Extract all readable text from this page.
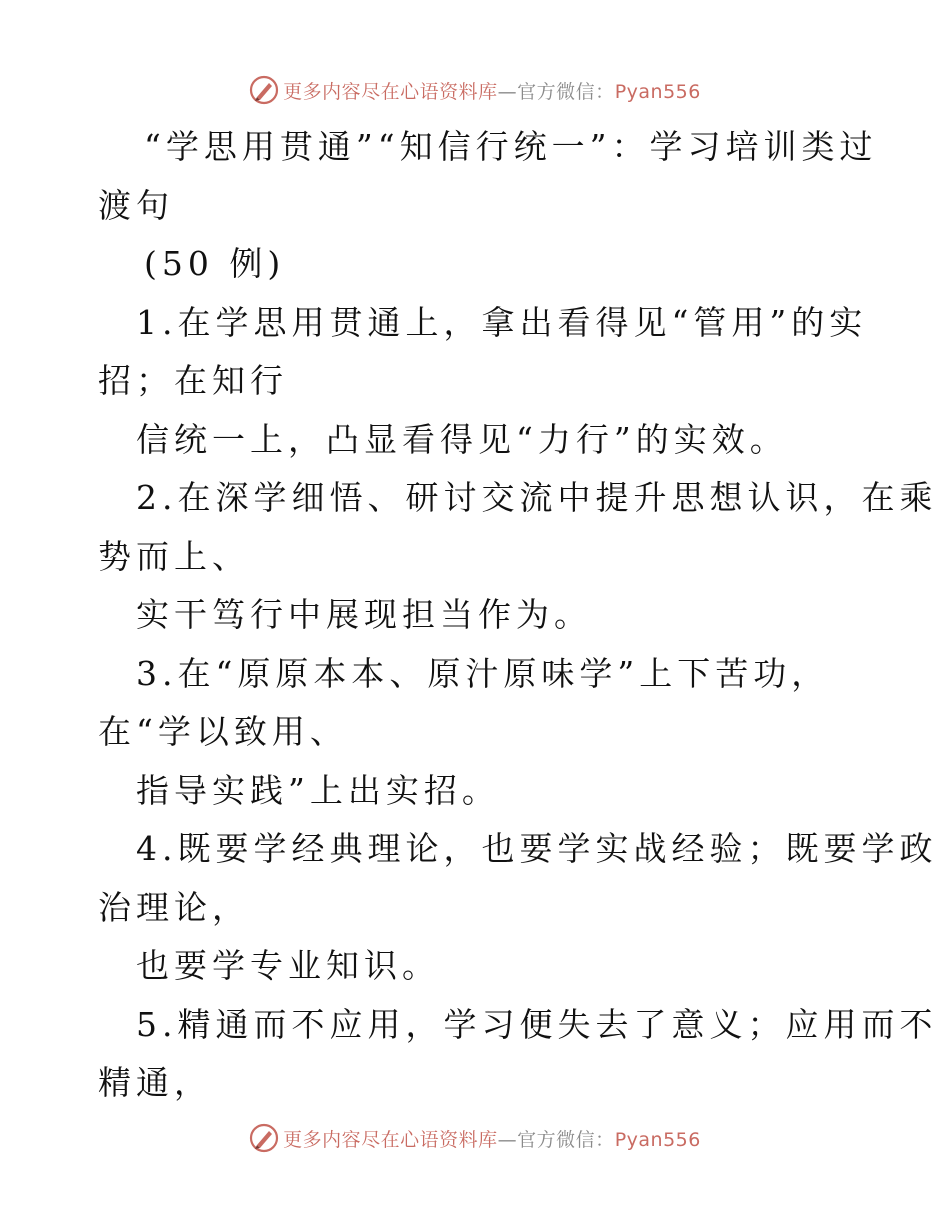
更多内容尽在心语资料库—官方微信：Pyan556
“学思用贯通”“知信行统一”：学习培训类过
渡句
(50 例)
1.在学思用贯通上，拿出看得见“管用”的实
招；在知行
信统一上，凸显看得见“力行”的实效。
2.在深学细悟、研讨交流中提升思想认识，在乘
势而上、
实干笃行中展现担当作为。
3.在“原原本本、原汁原味学”上下苦功，
在“学以致用、
指导实践”上出实招。
4.既要学经典理论，也要学实战经验；既要学政
治理论，
也要学专业知识。
5.精通而不应用，学习便失去了意义；应用而不
精通，
更多内容尽在心语资料库—官方微信：Pyan556
